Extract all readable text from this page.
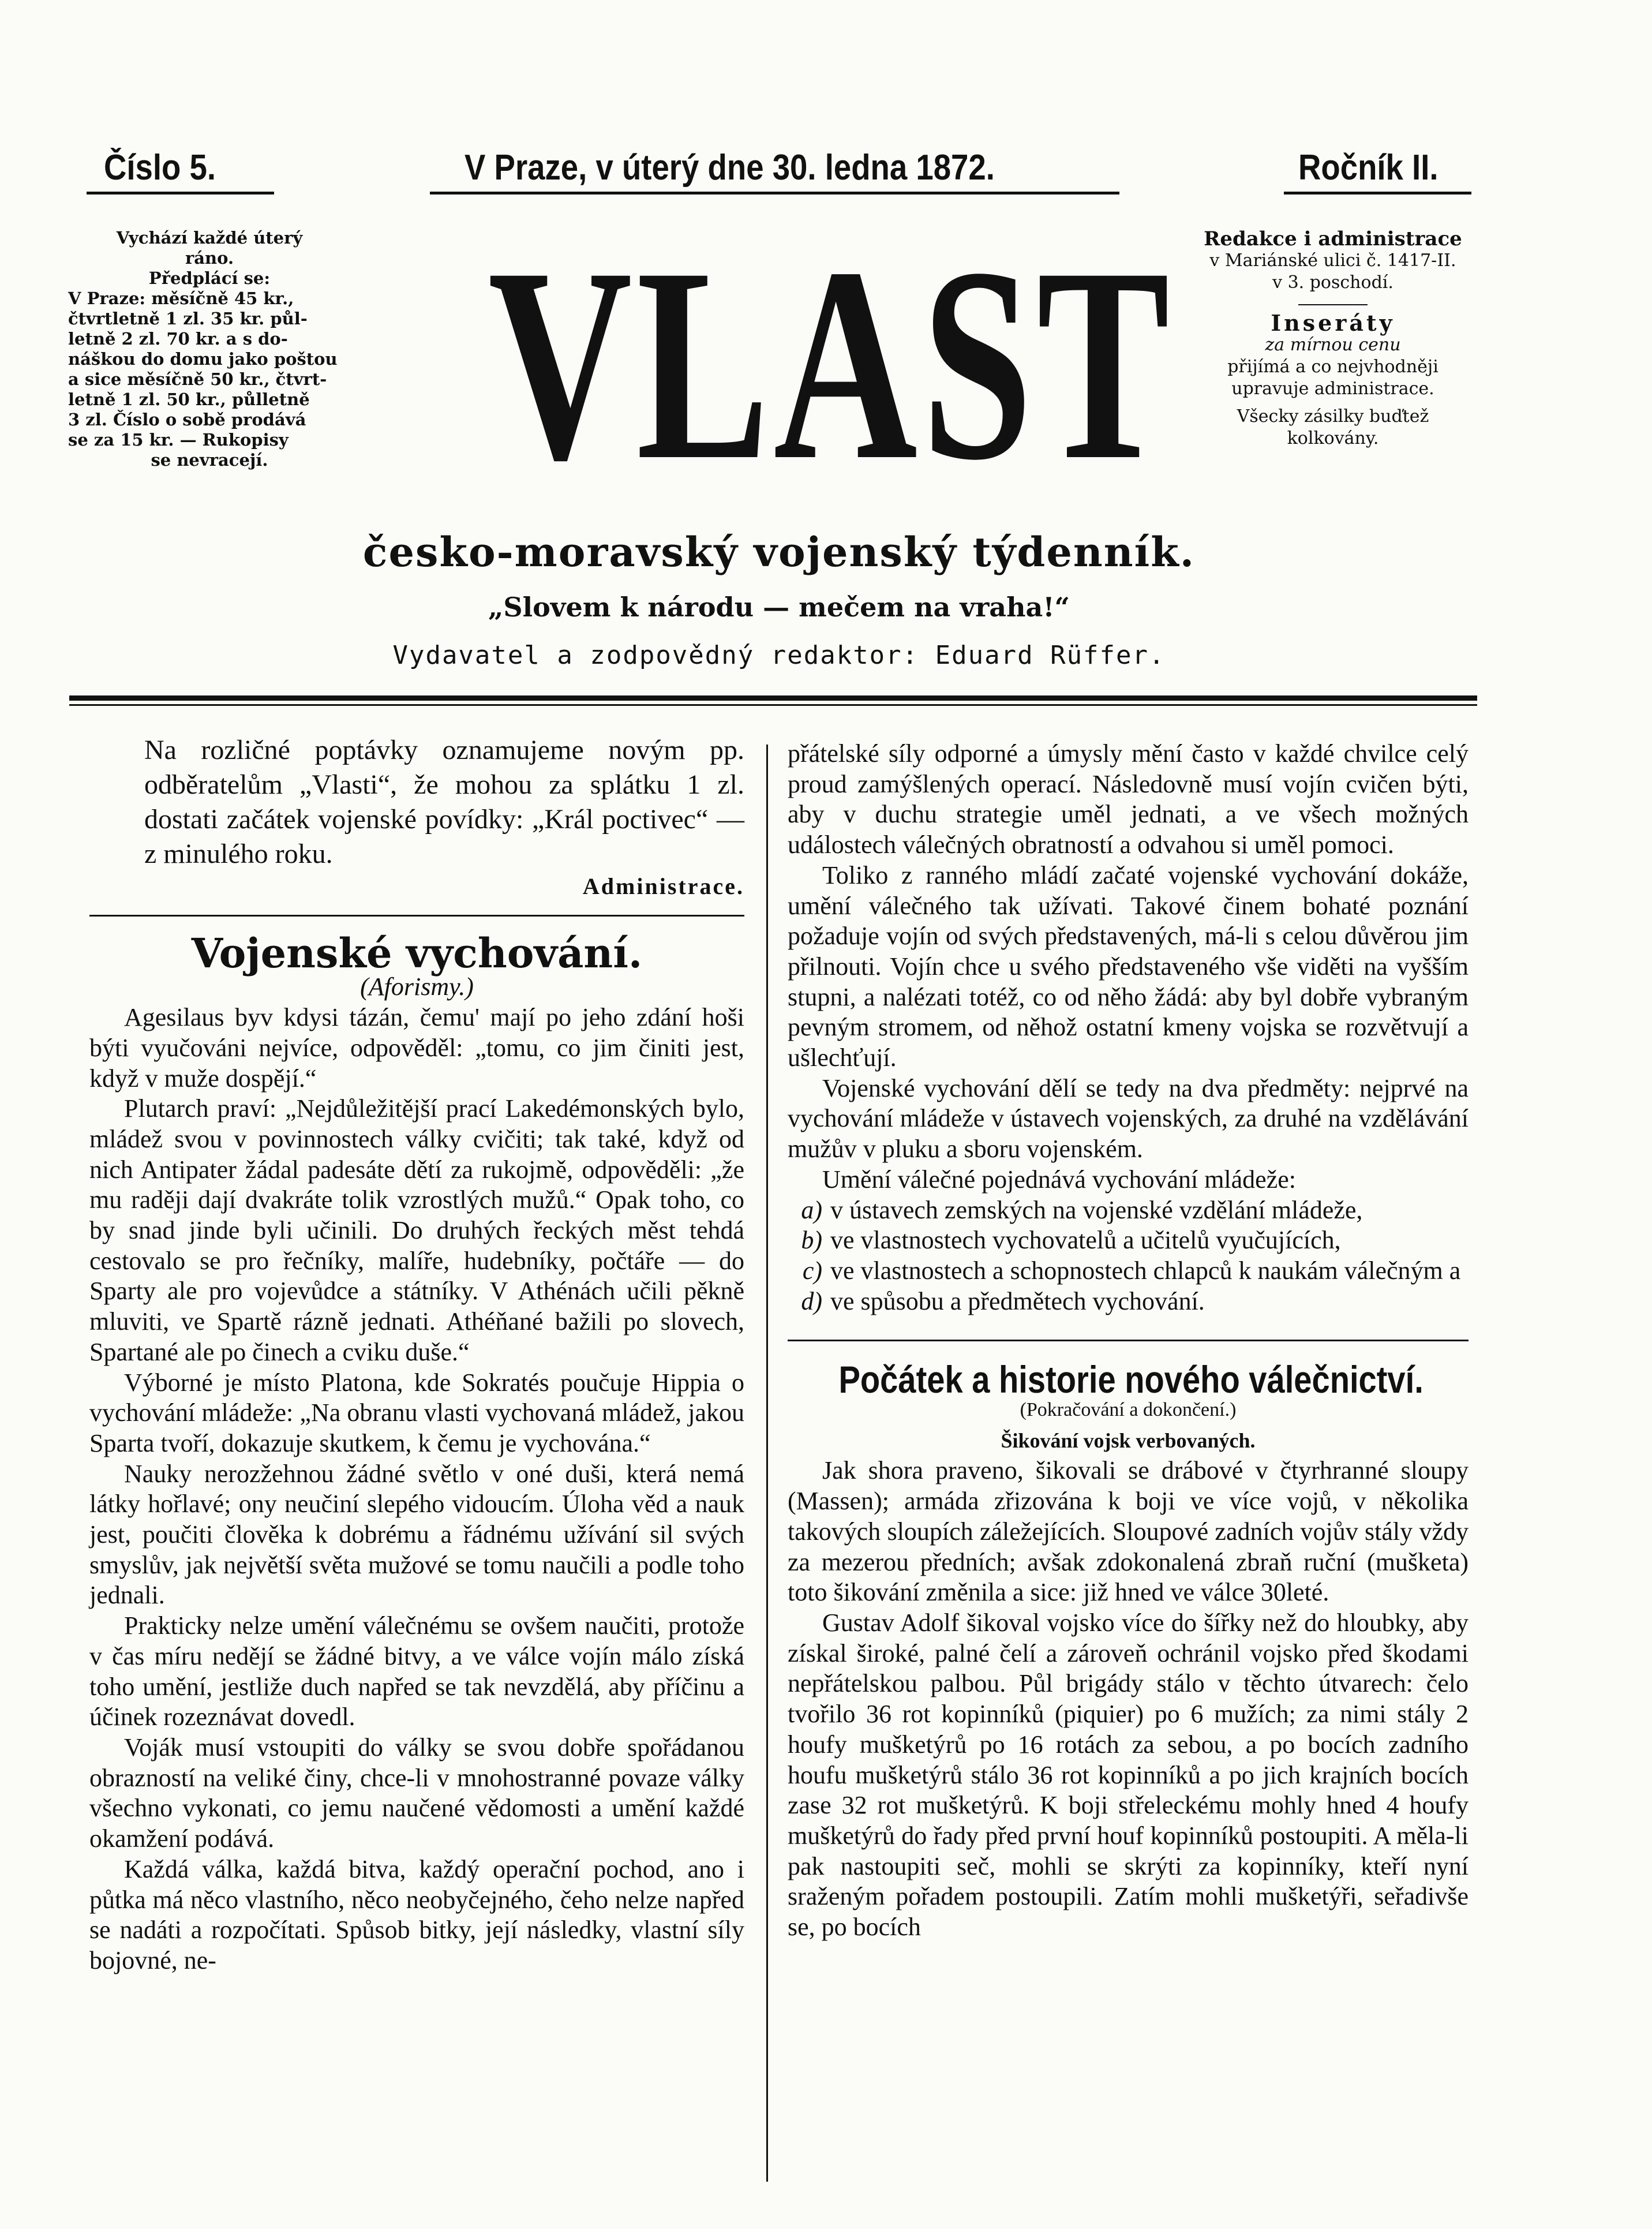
Číslo 5.	V Praze, v úterý dne 30. ledna 1872.	Ročník II.

Vychází každé úterý

ráno.

Předplácí se:

V Praze: měsíčně 45 kr.,

čtvrtletně 1 zl. 35 kr. půl-

letně 2 zl. 70 kr. a s do-

náškou do domu jako poštou

a sice měsíčně 50 kr., čtvrt-

letně 1 zl. 50 kr., půlletně

3 zl. Číslo o sobě prodává

se za 15 kr. — Rukopisy

se nevracejí. VLAST	Redakce i administrace

v Mariánské ulici č. 1417-II.

v 3. poschodí.

Inseráty

za mírnou cenu

přijímá a co nejvhodněji

upravuje administrace.

Všecky zásilky buďtež

kolkovány.

česko-moravský vojenský týdenník.
„Slovem k národu — mečem na vraha!“
Vydavatel a zodpovědný redaktor: Eduard Rüffer.

Na rozličné poptávky oznamujeme novým pp. odběratelům „Vlasti“, že mohou za splátku 1 zl. dostati začátek vojenské povídky: „Král poctivec“ — z minulého roku.

Administrace.

Vojenské vychování.

(Aforismy.)

Agesilaus byv kdysi tázán, čemu' mají po jeho zdání hoši býti vyučováni nejvíce, odpověděl: „tomu, co jim činiti jest, když v muže dospějí.“

Plutarch praví: „Nejdůležitější prací Lakedémonských bylo, mládež svou v povinnostech války cvičiti; tak také, když od nich Antipater žádal padesáte dětí za rukojmě, odpověděli: „že mu raději dají dvakráte tolik vzrostlých mužů.“ Opak toho, co by snad jinde byli učinili. Do druhých řeckých měst tehdá cestovalo se pro řečníky, malíře, hudebníky, počtáře — do Sparty ale pro vojevůdce a státníky. V Athénách učili pěkně mluviti, ve Spartě rázně jednati. Athéňané bažili po slovech, Spartané ale po činech a cviku duše.“

Výborné je místo Platona, kde Sokratés poučuje Hippia o vychování mládeže: „Na obranu vlasti vychovaná mládež, jakou Sparta tvoří, dokazuje skutkem, k čemu je vychována.“

Nauky nerozžehnou žádné světlo v oné duši, která nemá látky hořlavé; ony neučiní slepého vidoucím. Úloha věd a nauk jest, poučiti člověka k dobrému a řádnému užívání sil svých smyslův, jak největší světa mužové se tomu naučili a podle toho jednali.

Prakticky nelze umění válečnému se ovšem naučiti, protože v čas míru nedějí se žádné bitvy, a ve válce vojín málo získá toho umění, jestliže duch napřed se tak nevzdělá, aby příčinu a účinek rozeznávat dovedl.

Voják musí vstoupiti do války se svou dobře spořádanou obrazností na veliké činy, chce-li v mnohostranné povaze války všechno vykonati, co jemu naučené vědomosti a umění každé okamžení podává.

Každá válka, každá bitva, každý operační pochod, ano i půtka má něco vlastního, něco neobyčejného, čeho nelze napřed se nadáti a rozpočítati. Spůsob bitky, její následky, vlastní síly bojovné, ne-

přátelské síly odporné a úmysly mění často v každé chvilce celý proud zamýšlených operací. Následovně musí vojín cvičen býti, aby v duchu strategie uměl jednati, a ve všech možných událostech válečných obratností a odvahou si uměl pomoci.

Toliko z ranného mládí začaté vojenské vychování dokáže, umění válečného tak užívati. Takové činem bohaté poznání požaduje vojín od svých představených, má-li s celou důvěrou jim přilnouti. Vojín chce u svého představeného vše viděti na vyšším stupni, a nalézati totéž, co od něho žádá: aby byl dobře vybraným pevným stromem, od něhož ostatní kmeny vojska se rozvětvují a ušlechťují.

Vojenské vychování dělí se tedy na dva předměty: nejprvé na vychování mládeže v ústavech vojenských, za druhé na vzdělávání mužův v pluku a sboru vojenském.

Umění válečné pojednává vychování mládeže:

a) v ústavech zemských na vojenské vzdělání mládeže,
b) ve vlastnostech vychovatelů a učitelů vyučujících,
c) ve vlastnostech a schopnostech chlapců k naukám válečným a
d) ve spůsobu a předmětech vychování.
Počátek a historie nového válečnictví.

(Pokračování a dokončení.)

Šikování vojsk verbovaných.

Jak shora praveno, šikovali se drábové v čtyrhranné sloupy (Massen); armáda zřizována k boji ve více vojů, v několika takových sloupích záležejících. Sloupové zadních vojův stály vždy za mezerou předních; avšak zdokonalená zbraň ruční (mušketa) toto šikování změnila a sice: již hned ve válce 30leté.

Gustav Adolf šikoval vojsko více do šířky než do hloubky, aby získal široké, palné čelí a zároveň ochránil vojsko před škodami nepřátelskou palbou. Půl brigády stálo v těchto útvarech: čelo tvořilo 36 rot kopinníků (piquier) po 6 mužích; za nimi stály 2 houfy mušketýrů po 16 rotách za sebou, a po bocích zadního houfu mušketýrů stálo 36 rot kopinníků a po jich krajních bocích zase 32 rot mušketýrů. K boji střeleckému mohly hned 4 houfy mušketýrů do řady před první houf kopinníků postoupiti. A měla-li pak nastoupiti seč, mohli se skrýti za kopinníky, kteří nyní sraženým pořadem postoupili. Zatím mohli mušketýři, seřadivše se, po bocích
